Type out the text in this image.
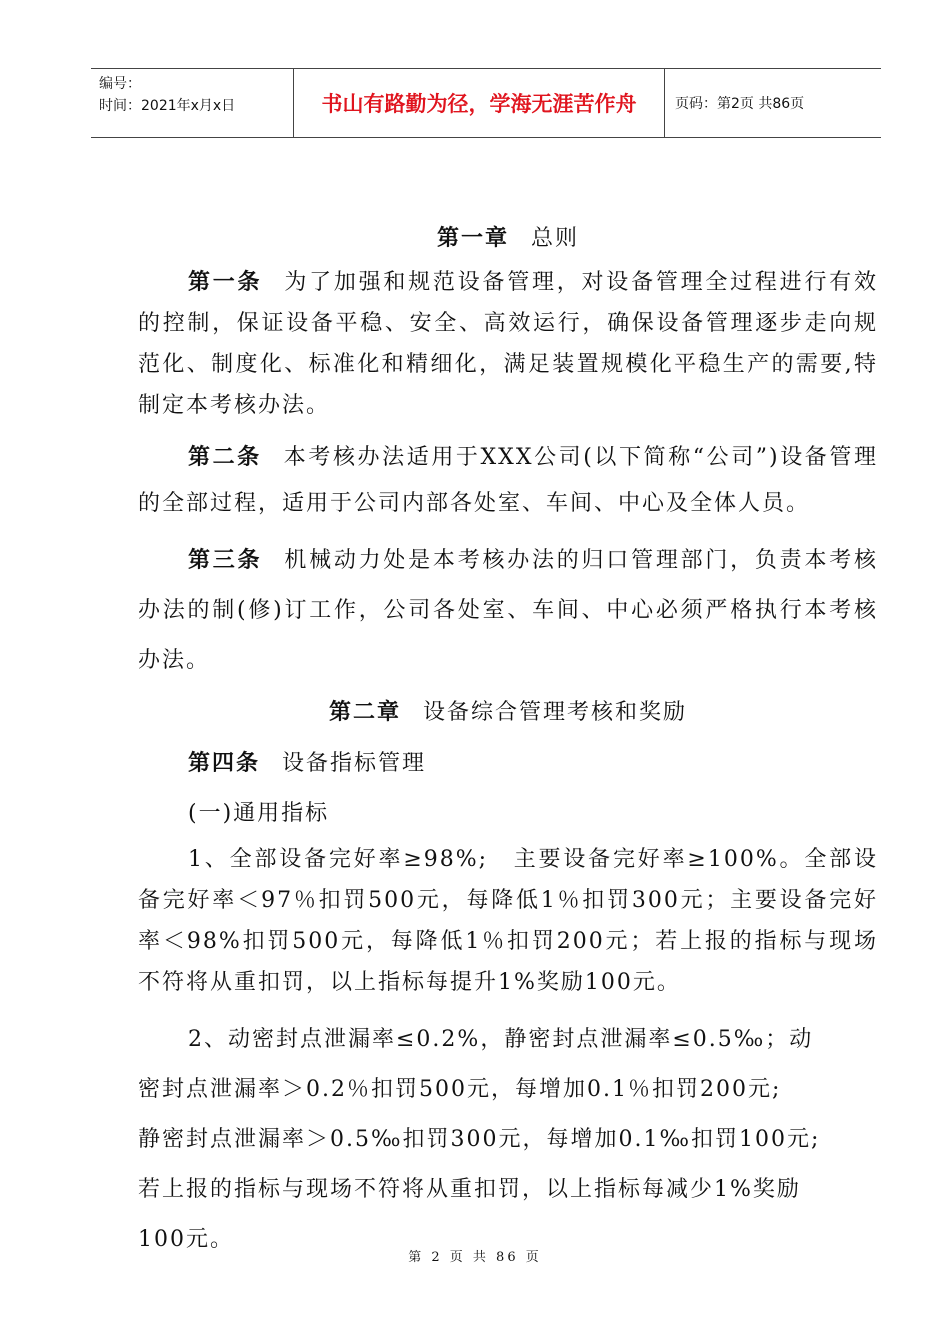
编号：
时间：2021年x月x日	书山有路勤为径，学海无涯苦作舟	页码：第2页 共86页
第一章 总则

第一条 为了加强和规范设备管理，对设备管理全过程进行有效的控制，保证设备平稳、安全、高效运行，确保设备管理逐步走向规范化、制度化、标准化和精细化，满足装置规模化平稳生产的需要,特制定本考核办法。

第二条 本考核办法适用于XXX公司(以下简称“公司”)设备管理的全部过程，适用于公司内部各处室、车间、中心及全体人员。

第三条 机械动力处是本考核办法的归口管理部门，负责本考核办法的制(修)订工作，公司各处室、车间、中心必须严格执行本考核办法。

第二章 设备综合管理考核和奖励

第四条 设备指标管理

(一)通用指标

1、全部设备完好率≥98%;　主要设备完好率≥100%。全部设备完好率＜97％扣罚500元，每降低1％扣罚300元；主要设备完好率＜98%扣罚500元，每降低1％扣罚200元；若上报的指标与现场不符将从重扣罚，以上指标每提升1%奖励100元。

2、动密封点泄漏率≤0.2%，静密封点泄漏率≤0.5‰；动

密封点泄漏率＞0.2％扣罚500元，每增加0.1％扣罚200元;

静密封点泄漏率＞0.5‰扣罚300元，每增加0.1‰扣罚100元;

若上报的指标与现场不符将从重扣罚，以上指标每减少1%奖励

100元。

第 2 页 共 86 页
